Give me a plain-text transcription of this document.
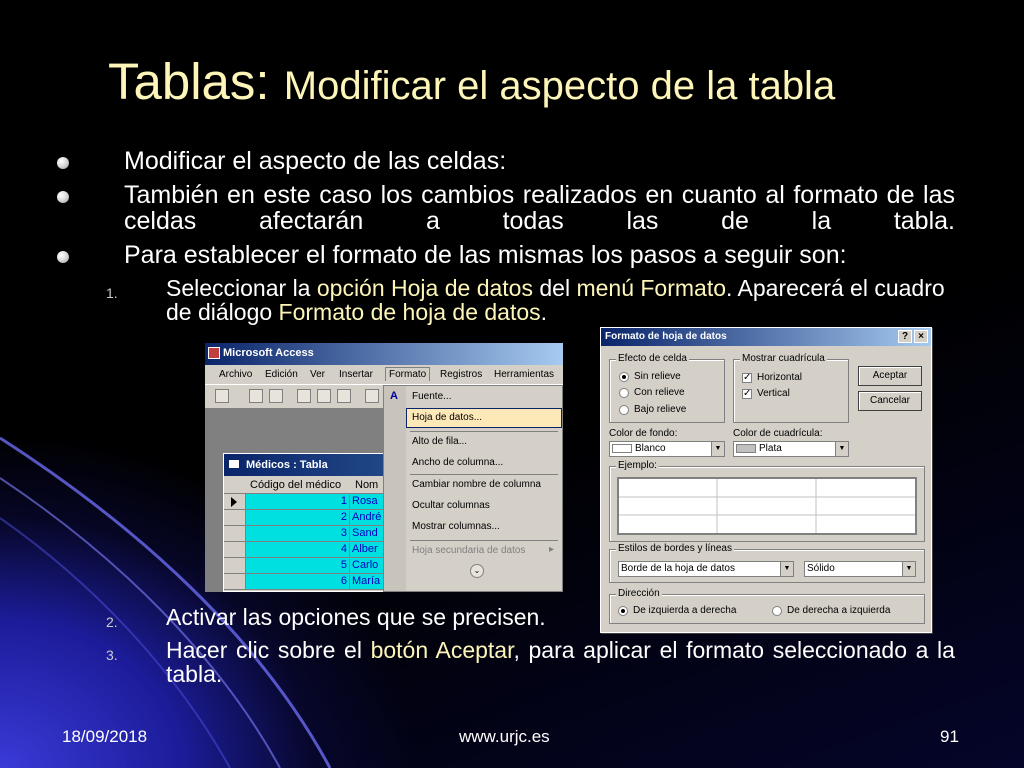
Tablas: Modificar el aspecto de la tabla
Modificar el aspecto de las celdas:
También en este caso los cambios realizados en cuanto al formato de las celdas afectarán a todas las de la tabla.
Para establecer el formato de las mismas los pasos a seguir son:
1. Seleccionar la opción Hoja de datos del menú Formato. Aparecerá el cuadro de diálogo Formato de hoja de datos.
Microsoft Access
Archivo Edición Ver Insertar	Formato	Registros Herramientas
Médicos : Tabla
Código del médico Nom
1 Rosa
2 André
3 Sand
4 Alber
5 Carlo
6 María
A Fuente...
Hoja de datos...
Alto de fila...
Ancho de columna...
Cambiar nombre de columna
Ocultar columnas
Mostrar columnas...
Hoja secundaria de datos ▸
⌄
Formato de hoja de datos	?	×
Efecto de celda
Sin relieve
Con relieve
Bajo relieve
Mostrar cuadrícula
✓ Horizontal
✓ Vertical
Aceptar
Cancelar
Color de fondo:
Blanco	▼
Color de cuadrícula:
Plata	▼
Ejemplo:
Estilos de bordes y líneas
Borde de la hoja de datos	▼	Sólido	▼
Dirección
De izquierda a derecha	De derecha a izquierda
2. Activar las opciones que se precisen.
3. Hacer clic sobre el botón Aceptar, para aplicar el formato seleccionado a la tabla.
18/09/2018	www.urjc.es	91
